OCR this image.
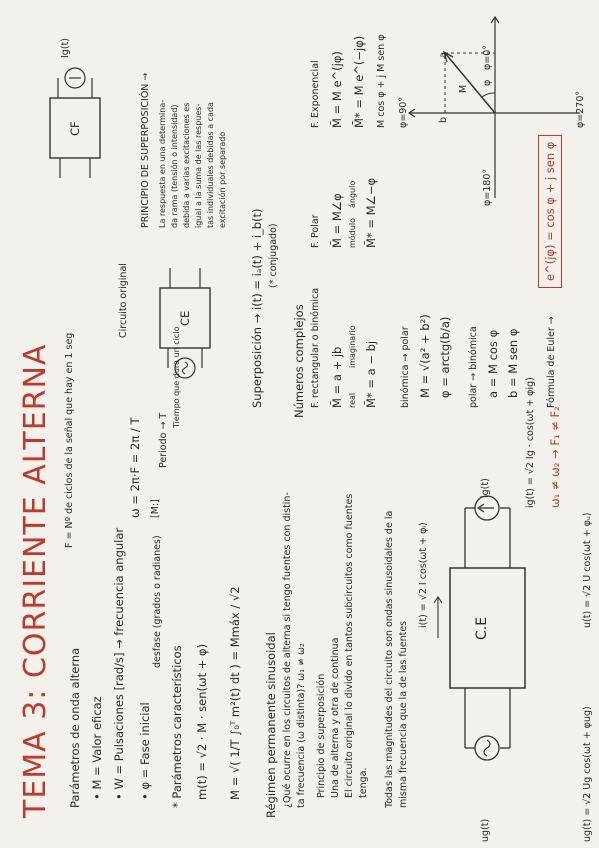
TEMA 3: CORRIENTE ALTERNA Parámetros de onda alterna
F = Nº de ciclos de la señal que hay en 1 seg
• M = Valor eficaz • W = Pulsaciones [rad/s] → frecuencia angular
ω = 2π·F = 2π / T
• φ = Fase inicial
[M:]
Periodo → T
Tiempo que dura un ciclo
desfase (grados o radianes)
* Parámetros característicos m(t) = √2 · M · sen(ωt + φ) M = √( 1/T ∫₀ᵀ m²(t) dt ) = Mmáx / √2 Régimen permanente sinusoidal ¿Qué ocurre en los circuitos de alterna si tengo fuentes con distin- ta frecuencia (ω distinta)? ω₁ ≠ ω₂ Principio de superposición Una de alterna y otra de continua El circuito original lo divido en tantos subcircuitos como fuentes tenga. Todas las magnitudes del circuito son ondas sinusoidales de la misma frecuencia que la de las fuentes	C.E
ug(t)
ig(t)
i(t) = √2 I cos(ωt + φᵢ)	u(t) = √2 U cos(ωt + φᵤ)
ug(t) = √2 Ug cos(ωt + φug)
ig(t) = √2 Ig · cos(ωt + φig) ω₁ ≠ ω₂ → F₁ ≠ F₂
Circuito original	CE
PRINCIPIO DE SUPERPOSICIÓN → La respuesta en una determina- da rama (tensión o intensidad) debida a varias excitaciones es igual a la suma de las respues- tas individuales debidas a cada excitación por separado
CF
Superposición → i(t) = iₐ(t) + i_b(t) (* conjugado)
Números complejos F. rectangular o binómica M̄ = a + jb real
imaginario M̄* = a − bj
F. Polar M̄ = M∠φ módulo
ángulo M̄* = M∠−φ
F. Exponencial M̄ = M e^(jφ) M̄* = M e^(−jφ) M cos φ + j M sen φ
binómica → polar M = √(a² + b²) φ = arctg(b/a) polar → binómica a = M cos φ b = M sen φ	Fórmula de Euler →
e^(jφ) = cos φ + j sen φ
φ=0°
φ=90°
φ=180°
φ=270°
a
b
M
φ
Ig(t)
